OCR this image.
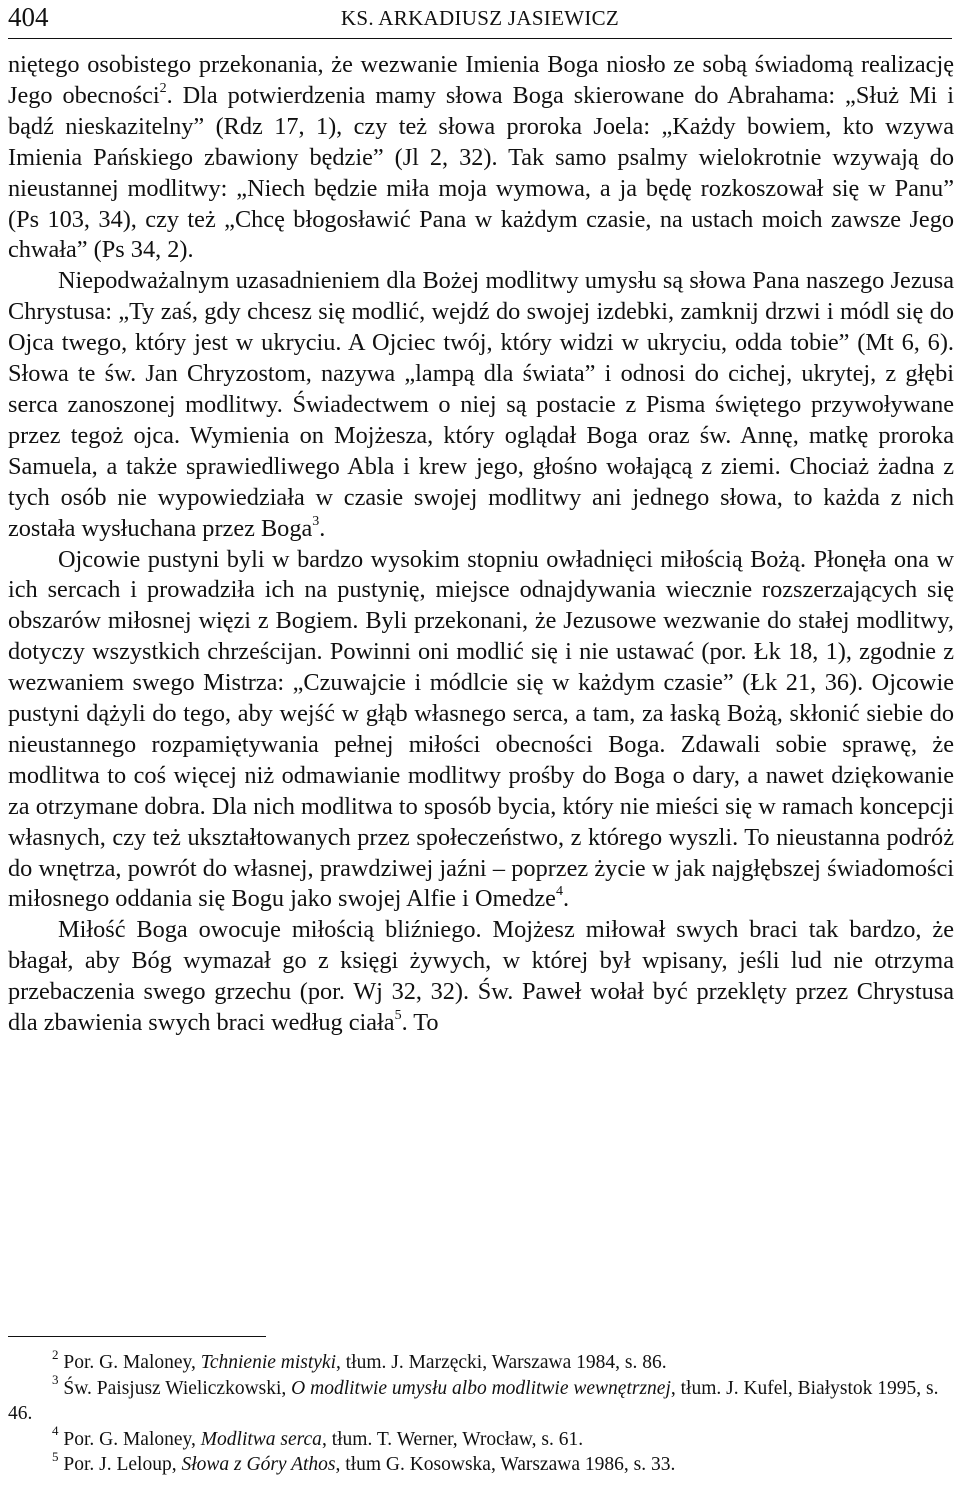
404	KS. ARKADIUSZ JASIEWICZ

niętego osobistego przekonania, że wezwanie Imienia Boga niosło ze sobą świadomą realizację Jego obecności$^2$. Dla potwierdzenia mamy słowa Boga skierowane do Abrahama: „Służ Mi i bądź nieskazitelny” (Rdz 17, 1), czy też słowa proroka Joela: „Każdy bowiem, kto wzywa Imienia Pańskiego zbawiony będzie” (Jl 2, 32). Tak samo psalmy wielokrotnie wzywają do nieustannej modlitwy: „Niech będzie miła moja wymowa, a ja będę rozkoszował się w Panu” (Ps 103, 34), czy też „Chcę błogosławić Pana w każdym czasie, na ustach moich zawsze Jego chwała” (Ps 34, 2).

Niepodważalnym uzasadnieniem dla Bożej modlitwy umysłu są słowa Pana naszego Jezusa Chrystusa: „Ty zaś, gdy chcesz się modlić, wejdź do swojej izdebki, zamknij drzwi i módl się do Ojca twego, który jest w ukryciu. A Ojciec twój, który widzi w ukryciu, odda tobie” (Mt 6, 6). Słowa te św. Jan Chryzostom, nazywa „lampą dla świata” i odnosi do cichej, ukrytej, z głębi serca zanoszonej modlitwy. Świadectwem o niej są postacie z Pisma świętego przywoływane przez tegoż ojca. Wymienia on Mojżesza, który oglądał Boga oraz św. Annę, matkę proroka Samuela, a także sprawiedliwego Abla i krew jego, głośno wołającą z ziemi. Chociaż żadna z tych osób nie wypowiedziała w czasie swojej modlitwy ani jednego słowa, to każda z nich została wysłuchana przez Boga$^3$.

Ojcowie pustyni byli w bardzo wysokim stopniu owładnięci miłością Bożą. Płonęła ona w ich sercach i prowadziła ich na pustynię, miejsce odnajdywania wiecznie rozszerzających się obszarów miłosnej więzi z Bogiem. Byli przekonani, że Jezusowe wezwanie do stałej modlitwy, dotyczy wszystkich chrześcijan. Powinni oni modlić się i nie ustawać (por. Łk 18, 1), zgodnie z wezwaniem swego Mistrza: „Czuwajcie i módlcie się w każdym czasie” (Łk 21, 36). Ojcowie pustyni dążyli do tego, aby wejść w głąb własnego serca, a tam, za łaską Bożą, skłonić siebie do nieustannego rozpamiętywania pełnej miłości obecności Boga. Zdawali sobie sprawę, że modlitwa to coś więcej niż odmawianie modlitwy prośby do Boga o dary, a nawet dziękowanie za otrzymane dobra. Dla nich modlitwa to sposób bycia, który nie mieści się w ramach koncepcji własnych, czy też ukształtowanych przez społeczeństwo, z którego wyszli. To nieustanna podróż do wnętrza, powrót do własnej, prawdziwej jaźni – poprzez życie w jak najgłębszej świadomości miłosnego oddania się Bogu jako swojej Alfie i Omedze$^4$.

Miłość Boga owocuje miłością bliźniego. Mojżesz miłował swych braci tak bardzo, że błagał, aby Bóg wymazał go z księgi żywych, w której był wpisany, jeśli lud nie otrzyma przebaczenia swego grzechu (por. Wj 32, 32). Św. Paweł wołał być przeklęty przez Chrystusa dla zbawienia swych braci według ciała$^5$. To

$^2$ Por. G. Maloney, Tchnienie mistyki, tłum. J. Marzęcki, Warszawa 1984, s. 86.

$^3$ Św. Paisjusz Wieliczkowski, O modlitwie umysłu albo modlitwie wewnętrznej, tłum. J. Kufel, Białystok 1995, s. 46.

$^4$ Por. G. Maloney, Modlitwa serca, tłum. T. Werner, Wrocław, s. 61.

$^5$ Por. J. Leloup, Słowa z Góry Athos, tłum G. Kosowska, Warszawa 1986, s. 33.
